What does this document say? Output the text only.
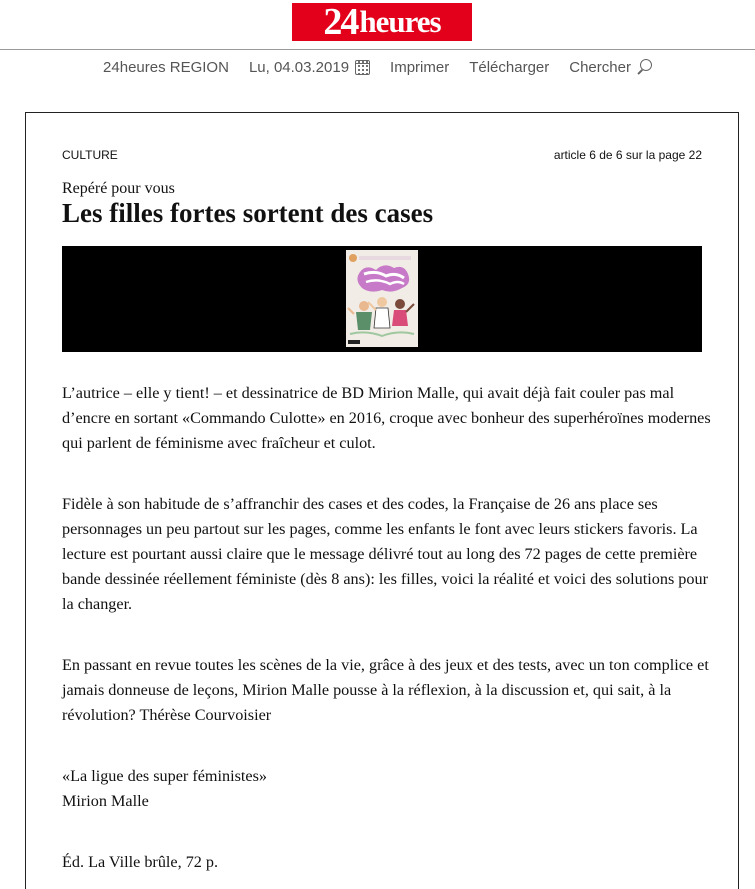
24 heures
24heures REGION Lu, 04.03.2019	Imprimer Télécharger Chercher
CULTURE	article 6 de 6 sur la page 22
Repéré pour vous
Les filles fortes sortent des cases

L’autrice – elle y tient! – et dessinatrice de BD Mirion Malle, qui avait déjà fait couler pas mal d’encre en sortant «Commando Culotte» en 2016, croque avec bonheur des superhéroïnes modernes qui parlent de féminisme avec fraîcheur et culot.

Fidèle à son habitude de s’affranchir des cases et des codes, la Française de 26 ans place ses personnages un peu partout sur les pages, comme les enfants le font avec leurs stickers favoris. La lecture est pourtant aussi claire que le message délivré tout au long des 72 pages de cette première bande dessinée réellement féministe (dès 8 ans): les filles, voici la réalité et voici des solutions pour la changer.

En passant en revue toutes les scènes de la vie, grâce à des jeux et des tests, avec un ton complice et jamais donneuse de leçons, Mirion Malle pousse à la réflexion, à la discussion et, qui sait, à la révolution? Thérèse Courvoisier

«La ligue des super féministes»
Mirion Malle
Éd. La Ville brûle, 72 p.
